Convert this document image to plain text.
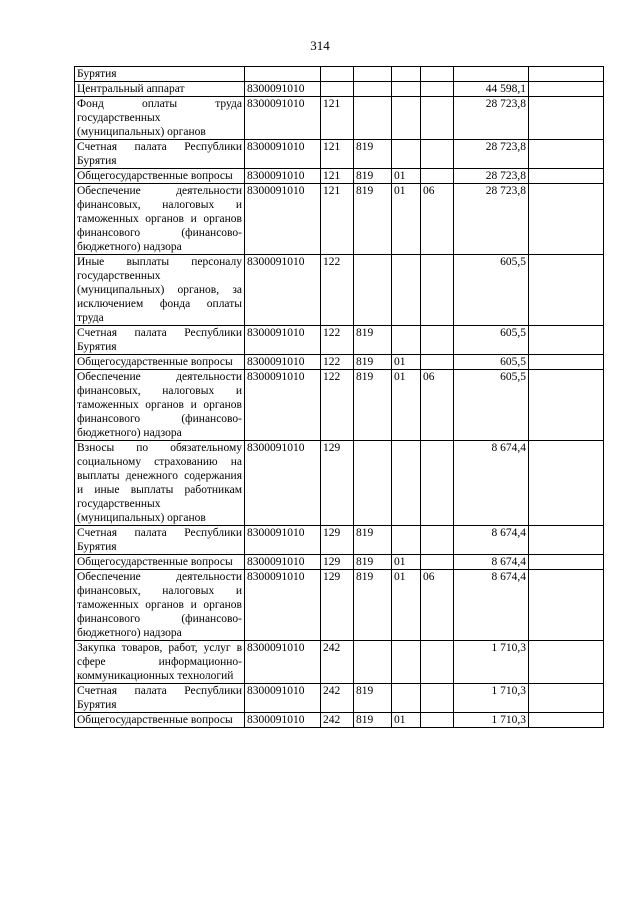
314
Бурятия							
Центральный аппарат	8300091010					44 598,1	
Фонд оплаты труда государственных (муниципальных) органов	8300091010	121				28 723,8	
Счетная палата Республики Бурятия	8300091010	121	819			28 723,8	
Общегосударственные вопросы	8300091010	121	819	01		28 723,8	
Обеспечение деятельности финансовых, налоговых и таможенных органов и органов финансового (финансово-бюджетного) надзора	8300091010	121	819	01	06	28 723,8	
Иные выплаты персоналу государственных (муниципальных) органов, за исключением фонда оплаты труда	8300091010	122				605,5	
Счетная палата Республики Бурятия	8300091010	122	819			605,5	
Общегосударственные вопросы	8300091010	122	819	01		605,5	
Обеспечение деятельности финансовых, налоговых и таможенных органов и органов финансового (финансово-бюджетного) надзора	8300091010	122	819	01	06	605,5	
Взносы по обязательному социальному страхованию на выплаты денежного содержания и иные выплаты работникам государственных (муниципальных) органов	8300091010	129				8 674,4	
Счетная палата Республики Бурятия	8300091010	129	819			8 674,4	
Общегосударственные вопросы	8300091010	129	819	01		8 674,4	
Обеспечение деятельности финансовых, налоговых и таможенных органов и органов финансового (финансово-бюджетного) надзора	8300091010	129	819	01	06	8 674,4	
Закупка товаров, работ, услуг в сфере информационно-коммуникационных технологий	8300091010	242				1 710,3	
Счетная палата Республики Бурятия	8300091010	242	819			1 710,3	
Общегосударственные вопросы	8300091010	242	819	01		1 710,3	
